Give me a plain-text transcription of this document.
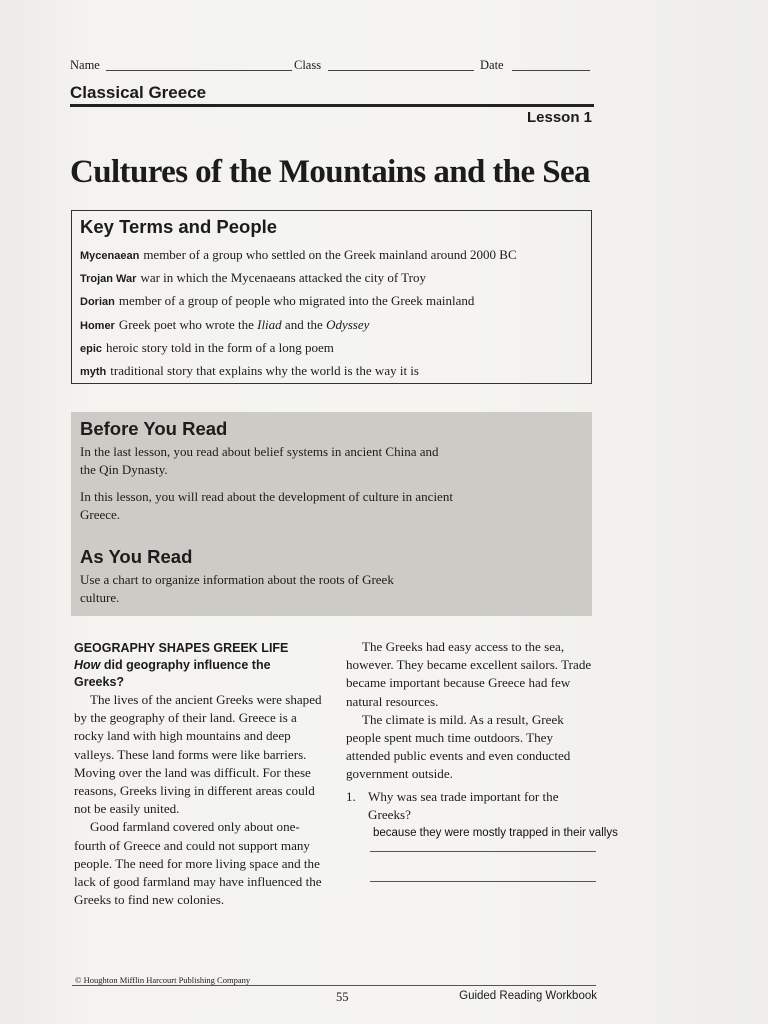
Name	Class	Date
Classical Greece
Lesson 1
Cultures of the Mountains and the Sea
Key Terms and People
Mycenaean member of a group who settled on the Greek mainland around 2000 BC
Trojan War war in which the Mycenaeans attacked the city of Troy
Dorian member of a group of people who migrated into the Greek mainland
Homer Greek poet who wrote the Iliad and the Odyssey
epic heroic story told in the form of a long poem
myth traditional story that explains why the world is the way it is
Before You Read
In the last lesson, you read about belief systems in ancient China and the Qin Dynasty.
In this lesson, you will read about the development of culture in ancient Greece.
As You Read
Use a chart to organize information about the roots of Greek culture.

GEOGRAPHY SHAPES GREEK LIFE

How did geography influence the Greeks?

The lives of the ancient Greeks were shaped by the geography of their land. Greece is a rocky land with high mountains and deep valleys. These land forms were like barriers. Moving over the land was difficult. For these reasons, Greeks living in different areas could not be easily united.

Good farmland covered only about one-fourth of Greece and could not support many people. The need for more living space and the lack of good farmland may have influenced the Greeks to find new colonies.

The Greeks had easy access to the sea, however. They became excellent sailors. Trade became important because Greece had few natural resources.

The climate is mild. As a result, Greek people spent much time outdoors. They attended public events and even conducted government outside.

1. Why was sea trade important for the Greeks?
because they were mostly trapped in their vallys
© Houghton Mifflin Harcourt Publishing Company
55	Guided Reading Workbook
